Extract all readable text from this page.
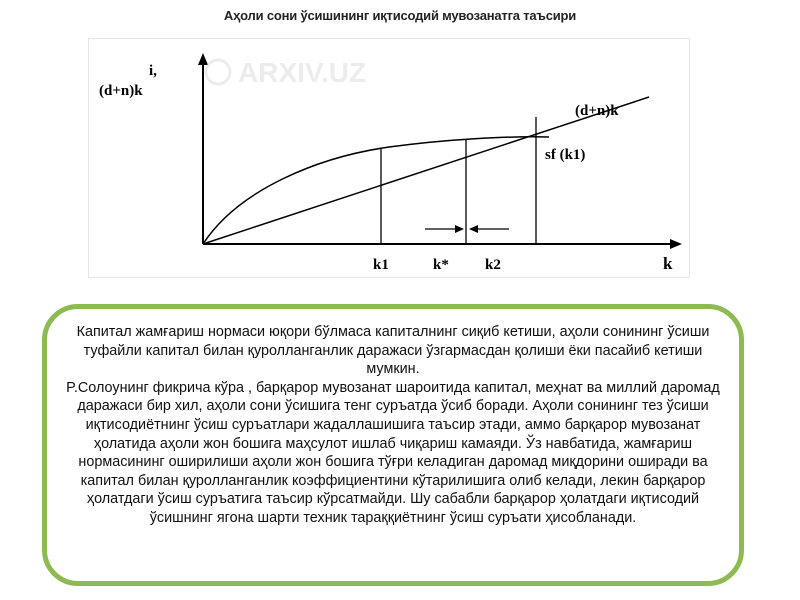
Аҳоли сони ўсишининг иқтисодий мувозанатга таъсири
i,
(d+n)k
(d+n)k
sf (k1)
k1	k* k2	k
ARXIV.UZ

Капитал жамғариш нормаси юқори бўлмаса капиталнинг сиқиб кетиши, аҳоли сонининг ўсиши туфайли капитал билан қуролланганлик даражаси ўзгармасдан қолиши ёки пасайиб кетиши мумкин.

P.Солоунинг фикрича кўра , барқарор мувозанат шароитида капитал, меҳнат ва миллий даромад даражаси бир хил, аҳоли сони ўсишига тенг суръатда ўсиб боради. Аҳоли сонининг тез ўсиши иқтисодиётнинг ўсиш суръатлари жадаллашишига таъсир этади, аммо барқарор мувозанат ҳолатида аҳоли жон бошига маҳсулот ишлаб чиқариш камаяди. Ўз навбатида, жамғариш нормасининг оширилиши аҳоли жон бошига тўғри келадиган даромад миқдорини оширади ва капитал билан қуролланганлик коэффициентини кўтарилишига олиб келади, лекин барқарор ҳолатдаги ўсиш суръатига таъсир кўрсатмайди. Шу сабабли барқарор ҳолатдаги иқтисодий ўсишнинг ягона шарти техник тараққиётнинг ўсиш суръати ҳисобланади.
